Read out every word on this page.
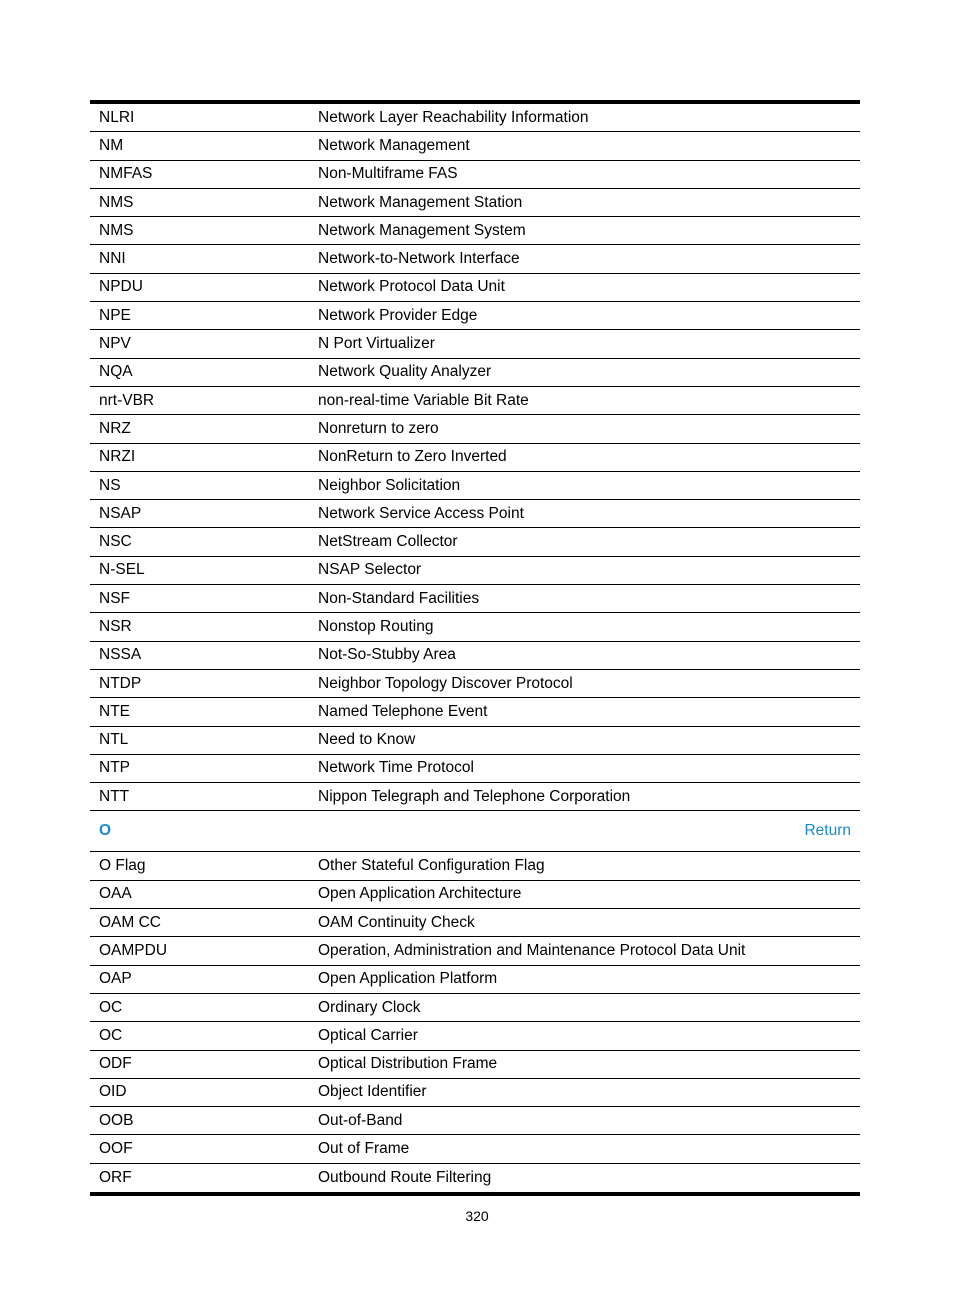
NLRI	Network Layer Reachability Information
NM	Network Management
NMFAS	Non-Multiframe FAS
NMS	Network Management Station
NMS	Network Management System
NNI	Network-to-Network Interface
NPDU	Network Protocol Data Unit
NPE	Network Provider Edge
NPV	N Port Virtualizer
NQA	Network Quality Analyzer
nrt-VBR	non-real-time Variable Bit Rate
NRZ	Nonreturn to zero
NRZI	NonReturn to Zero Inverted
NS	Neighbor Solicitation
NSAP	Network Service Access Point
NSC	NetStream Collector
N-SEL	NSAP Selector
NSF	Non-Standard Facilities
NSR	Nonstop Routing
NSSA	Not-So-Stubby Area
NTDP	Neighbor Topology Discover Protocol
NTE	Named Telephone Event
NTL	Need to Know
NTP	Network Time Protocol
NTT	Nippon Telegraph and Telephone Corporation
O	Return
O Flag	Other Stateful Configuration Flag
OAA	Open Application Architecture
OAM CC	OAM Continuity Check
OAMPDU	Operation, Administration and Maintenance Protocol Data Unit
OAP	Open Application Platform
OC	Ordinary Clock
OC	Optical Carrier
ODF	Optical Distribution Frame
OID	Object Identifier
OOB	Out-of-Band
OOF	Out of Frame
ORF	Outbound Route Filtering
320
